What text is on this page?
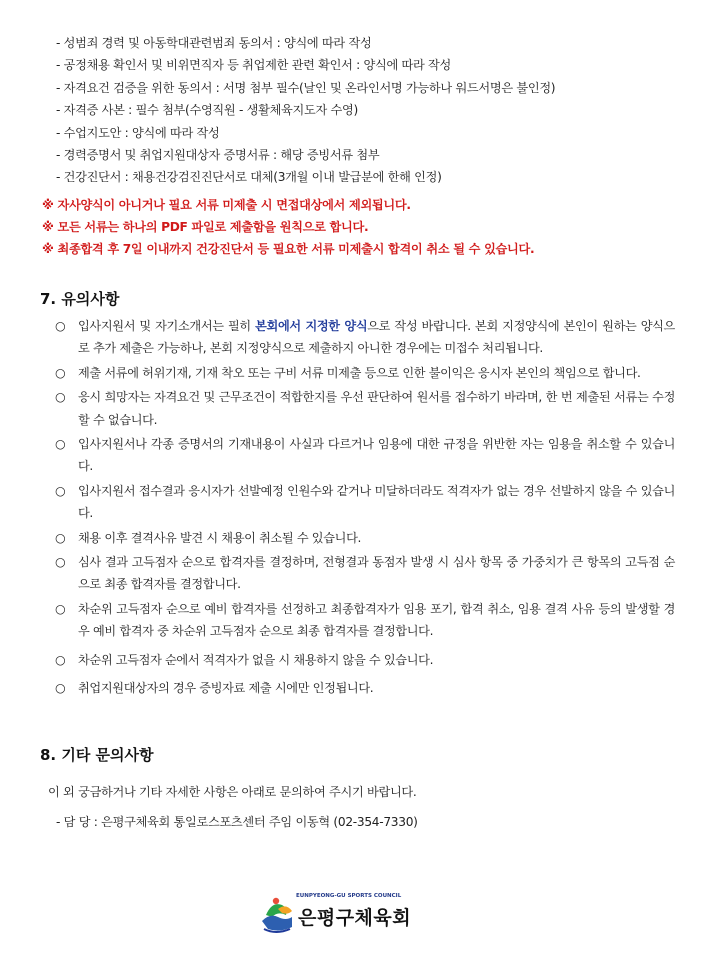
- 성범죄 경력 및 아동학대관련범죄 동의서 : 양식에 따라 작성
- 공정채용 확인서 및 비위면직자 등 취업제한 관련 확인서 : 양식에 따라 작성
- 자격요건 검증을 위한 동의서 : 서명 첨부 필수(날인 및 온라인서명 가능하나 워드서명은 불인정)
- 자격증 사본 : 필수 첨부(수영직원 - 생활체육지도자 수영)
- 수업지도안 : 양식에 따라 작성
- 경력증명서 및 취업지원대상자 증명서류 : 해당 증빙서류 첨부
- 건강진단서 : 채용건강검진진단서로 대체(3개월 이내 발급분에 한해 인정)
※ 자사양식이 아니거나 필요 서류 미제출 시 면접대상에서 제외됩니다.
※ 모든 서류는 하나의 PDF 파일로 제출함을 원칙으로 합니다.
※ 최종합격 후 7일 이내까지 건강진단서 등 필요한 서류 미제출시 합격이 취소 될 수 있습니다.
7. 유의사항
○	입사지원서 및 자기소개서는 필히 본회에서 지정한 양식으로 작성 바랍니다. 본회 지정양식에 본인이 원하는 양식으로 추가 제출은 가능하나, 본회 지정양식으로 제출하지 아니한 경우에는 미접수 처리됩니다.
○	제출 서류에 허위기재, 기재 착오 또는 구비 서류 미제출 등으로 인한 불이익은 응시자 본인의 책임으로 합니다.
○	응시 희망자는 자격요건 및 근무조건이 적합한지를 우선 판단하여 원서를 접수하기 바라며, 한 번 제출된 서류는 수정할 수 없습니다.
○	입사지원서나 각종 증명서의 기재내용이 사실과 다르거나 임용에 대한 규정을 위반한 자는 임용을 취소할 수 있습니다.
○	입사지원서 접수결과 응시자가 선발예정 인원수와 같거나 미달하더라도 적격자가 없는 경우 선발하지 않을 수 있습니다.
○	채용 이후 결격사유 발견 시 채용이 취소될 수 있습니다.
○	심사 결과 고득점자 순으로 합격자를 결정하며, 전형결과 동점자 발생 시 심사 항목 중 가중치가 큰 항목의 고득점 순으로 최종 합격자를 결정합니다.
○	차순위 고득점자 순으로 예비 합격자를 선정하고 최종합격자가 임용 포기, 합격 취소, 임용 결격 사유 등의 발생할 경우 예비 합격자 중 차순위 고득점자 순으로 최종 합격자를 결정합니다.
○	차순위 고득점자 순에서 적격자가 없을 시 채용하지 않을 수 있습니다.
○	취업지원대상자의 경우 증빙자료 제출 시에만 인정됩니다.
8. 기타 문의사항
이 외 궁금하거나 기타 자세한 사항은 아래로 문의하여 주시기 바랍니다.
- 담 당 : 은평구체육회 통일로스포츠센터 주임 이동혁 (02-354-7330)
EUNPYEONG-GU SPORTS COUNCIL
은평구체육회
